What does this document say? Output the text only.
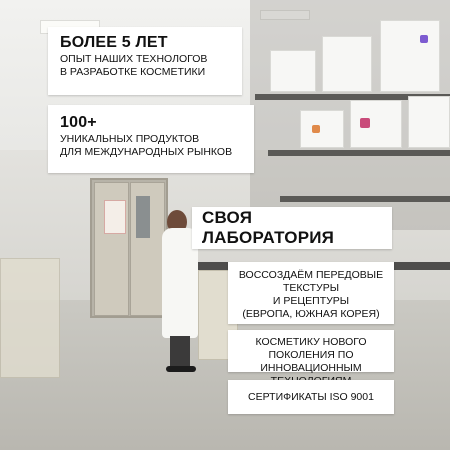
БОЛЕЕ 5 ЛЕТ
ОПЫТ НАШИХ ТЕХНОЛОГОВ
В РАЗРАБОТКЕ КОСМЕТИКИ
100+
УНИКАЛЬНЫХ ПРОДУКТОВ
ДЛЯ МЕЖДУНАРОДНЫХ РЫНКОВ
СВОЯ ЛАБОРАТОРИЯ
ВОССОЗДАЁМ ПЕРЕДОВЫЕ ТЕКСТУРЫ
И РЕЦЕПТУРЫ
(ЕВРОПА, ЮЖНАЯ КОРЕЯ)
КОСМЕТИКУ НОВОГО ПОКОЛЕНИЯ ПО
ИННОВАЦИОННЫМ
СЕРТИФИКАТЫ ISO 9001
